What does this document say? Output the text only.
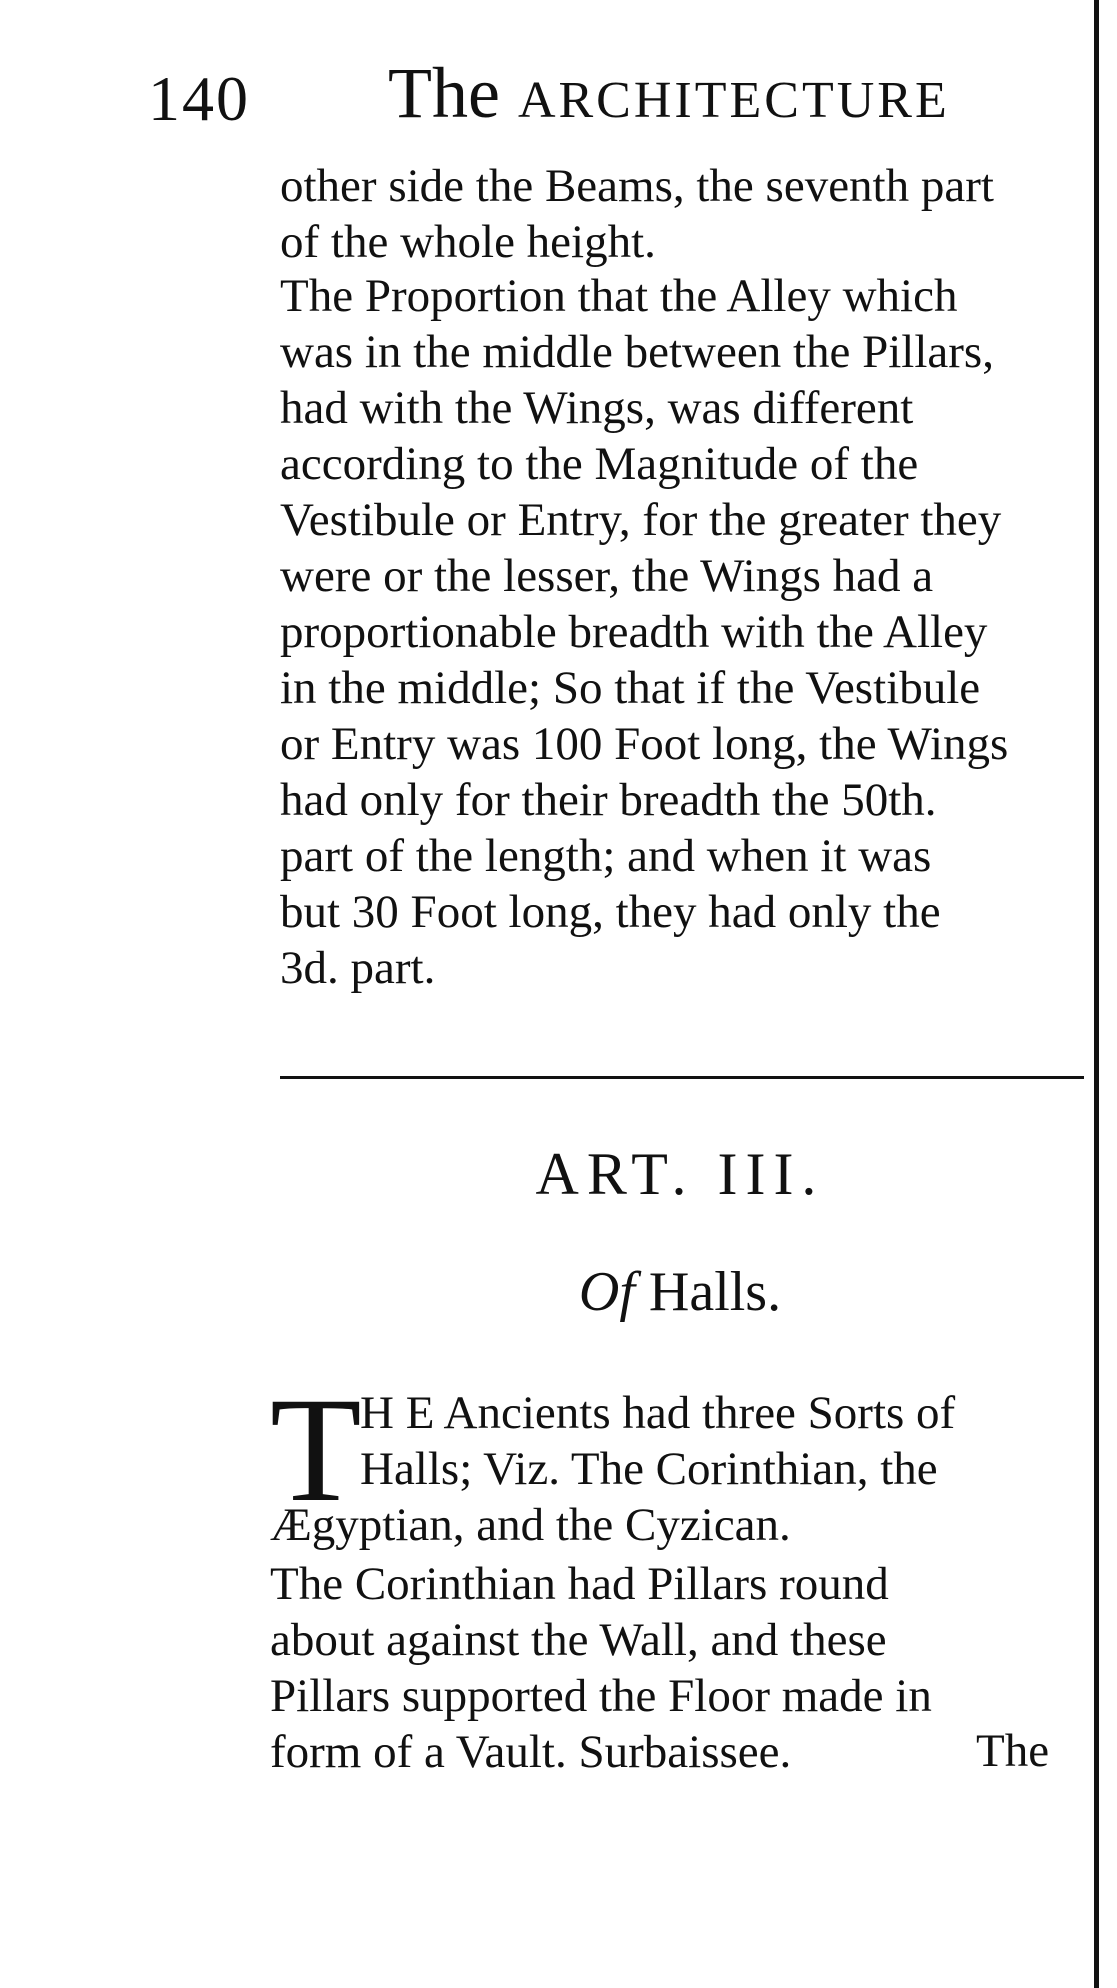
140 The ARCHITECTURE
other side the Beams, the seventh part
of the whole height.
The Proportion that the Alley which
was in the middle between the Pillars,
had with the Wings, was different
according to the Magnitude of the
Vestibule or Entry, for the greater they
were or the lesser, the Wings had a
proportionable breadth with the Alley
in the middle; So that if the Vestibule
or Entry was 100 Foot long, the Wings
had only for their breadth the 50th.
part of the length; and when it was
but 30 Foot long, they had only the
3d. part.
ART. III.
Of Halls.
T
H E Ancients had three Sorts of
Halls; Viz. The Corinthian, the
Ægyptian, and the Cyzican.
The Corinthian had Pillars round
about against the Wall, and these
Pillars supported the Floor made in
form of a Vault. Surbaissee.	The
